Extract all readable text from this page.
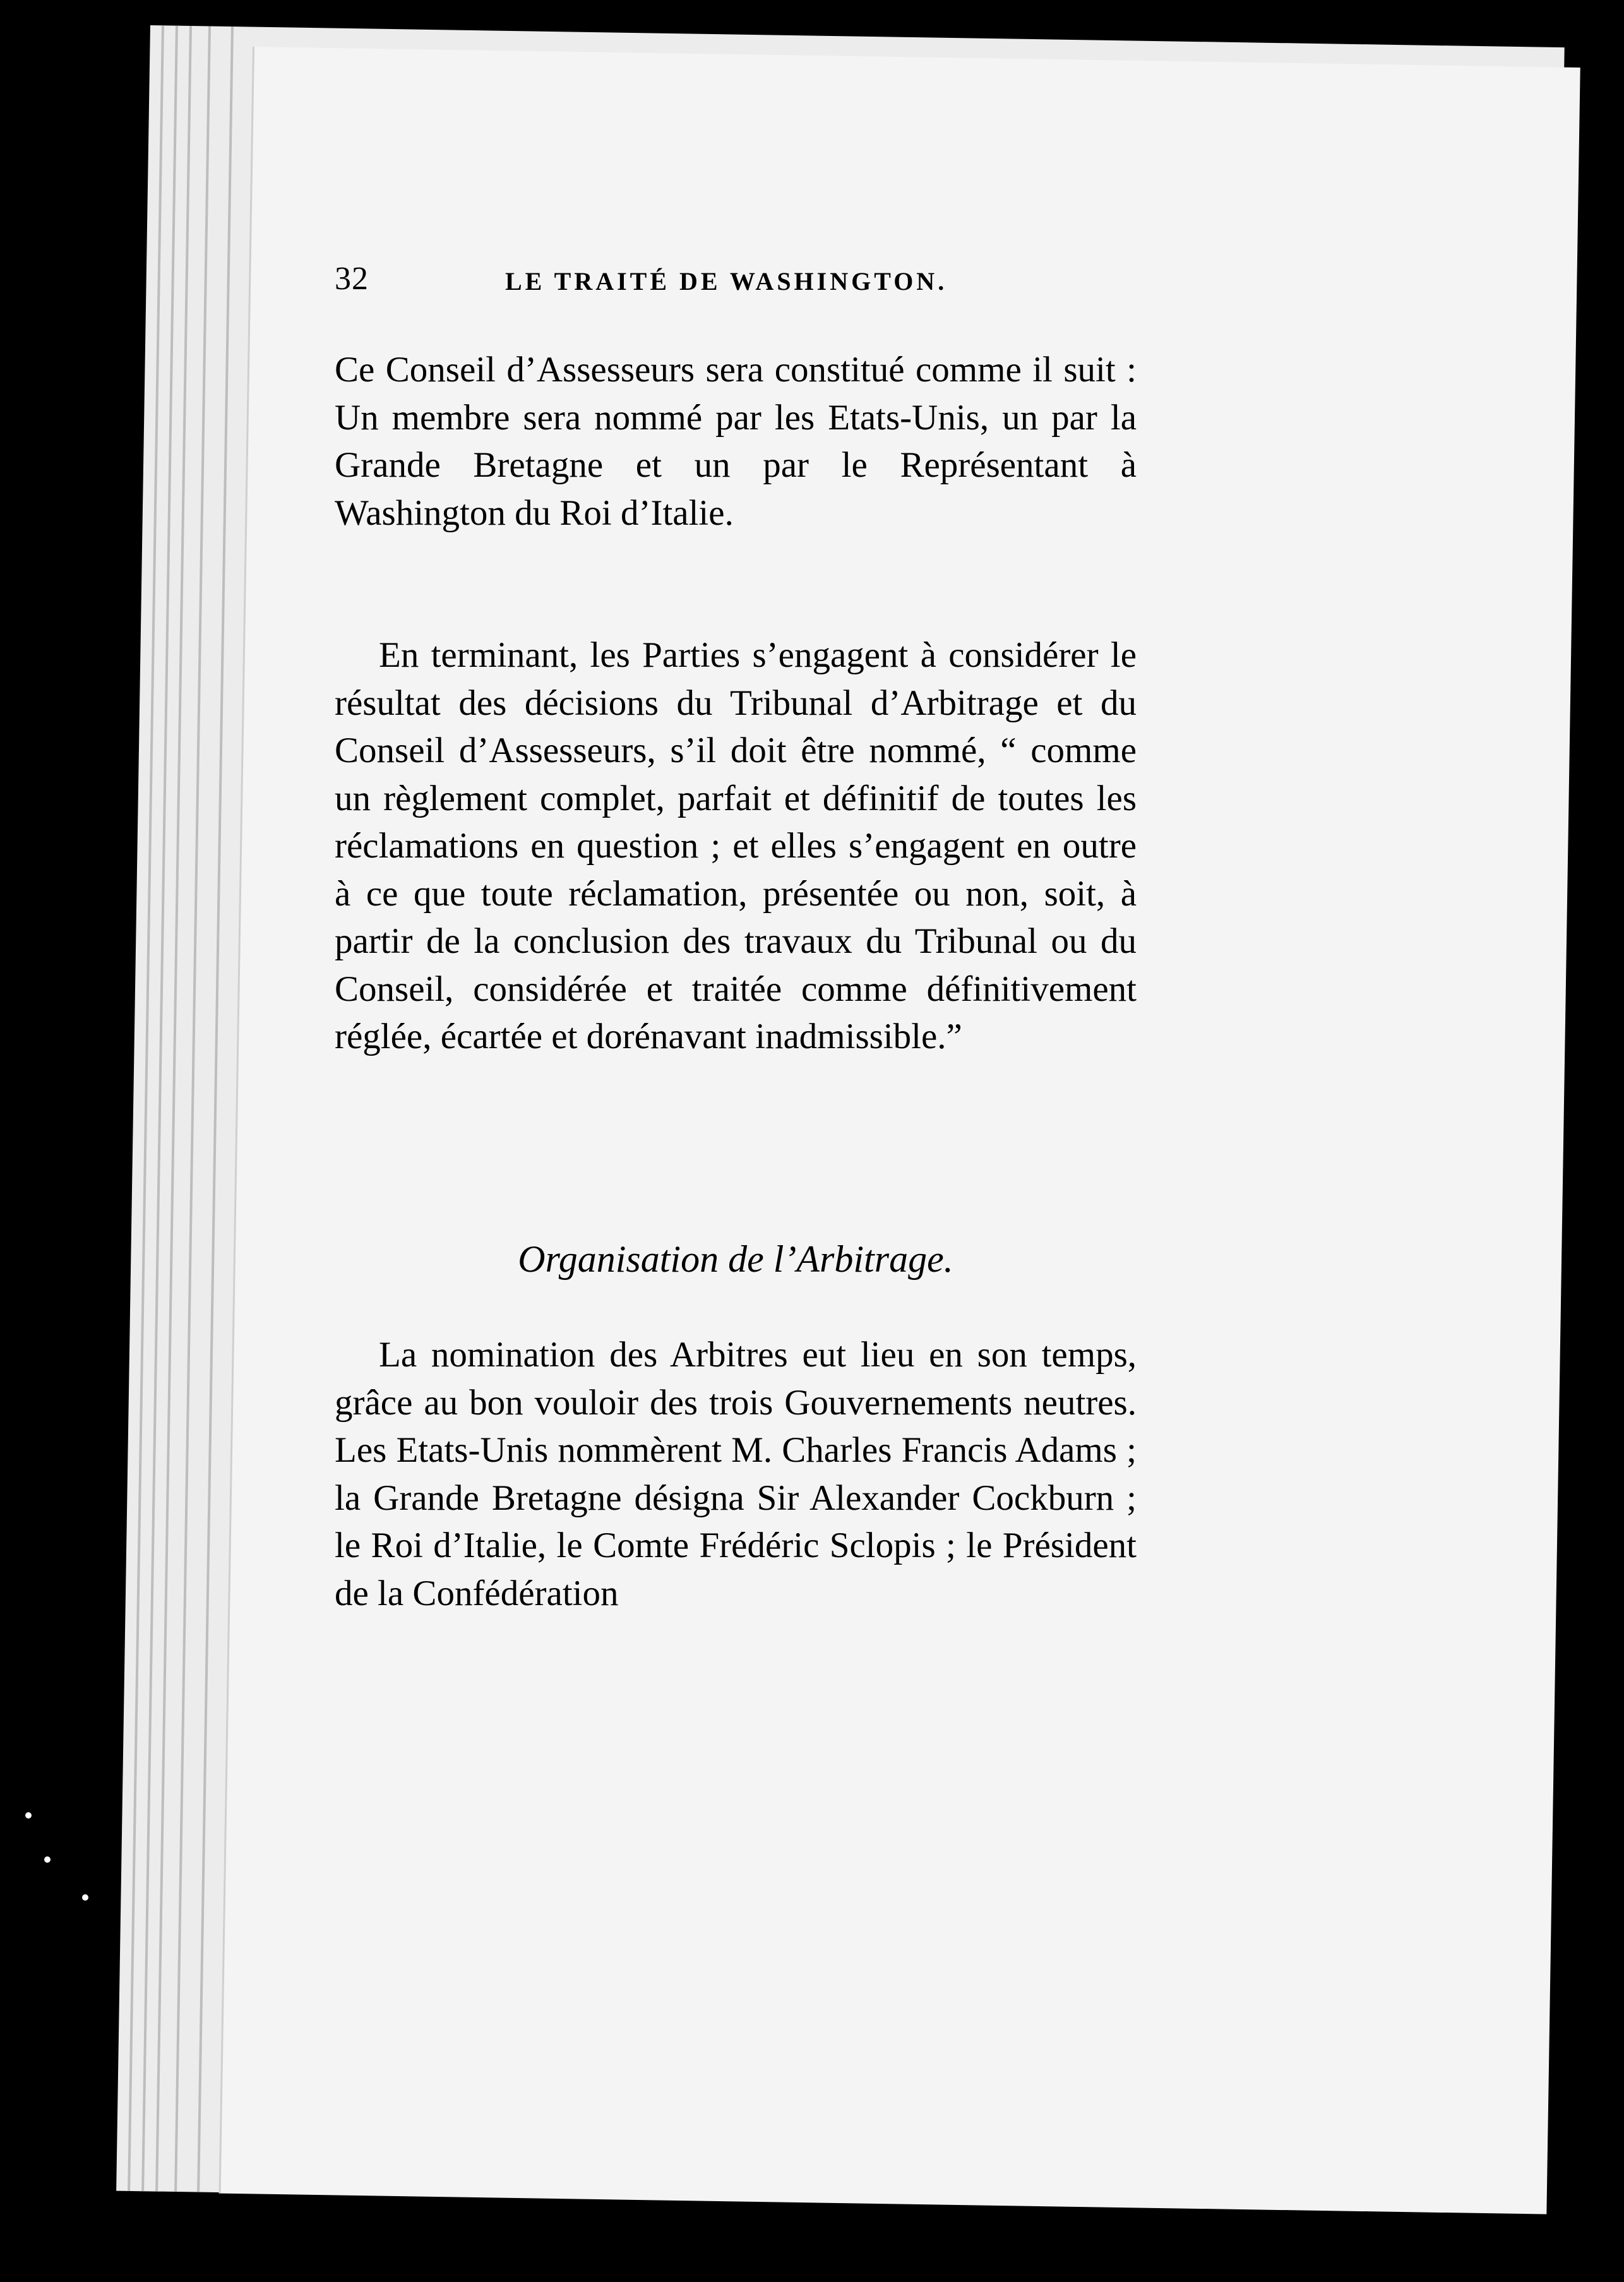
32	LE TRAITÉ DE WASHINGTON.

Ce Conseil d’Assesseurs sera constitué comme il suit : Un membre sera nommé par les Etats-Unis, un par la Grande Bretagne et un par le Représentant à Washington du Roi d’Italie.

En terminant, les Parties s’engagent à considérer le résultat des décisions du Tribunal d’Arbitrage et du Conseil d’Assesseurs, s’il doit être nommé, “ comme un règlement complet, parfait et définitif de toutes les réclamations en question ; et elles s’engagent en outre à ce que toute réclamation, présentée ou non, soit, à partir de la conclusion des travaux du Tribunal ou du Conseil, considérée et traitée comme définitivement réglée, écartée et dorénavant inadmissible.”

Organisation de l’Arbitrage.

La nomination des Arbitres eut lieu en son temps, grâce au bon vouloir des trois Gouvernements neutres. Les Etats-Unis nommèrent M. Charles Francis Adams ; la Grande Bretagne désigna Sir Alexander Cockburn ; le Roi d’Italie, le Comte Frédéric Sclopis ; le Président de la Confédération
